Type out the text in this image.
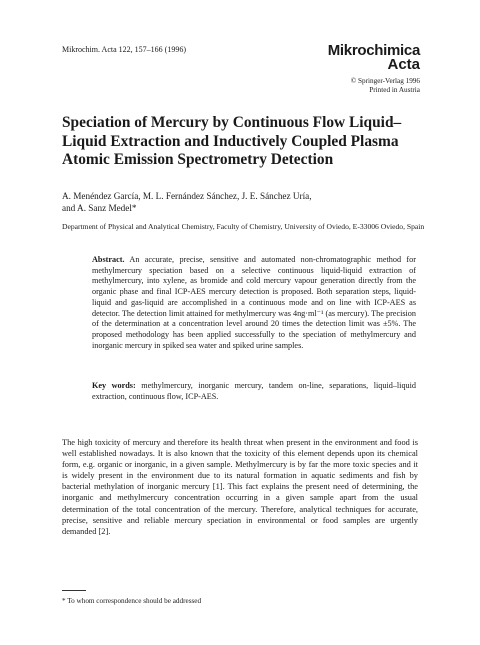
Mikrochim. Acta 122, 157–166 (1996)	Mikrochimica
Acta
© Springer-Verlag 1996
Printed in Austria
Speciation of Mercury by Continuous Flow Liquid–Liquid Extraction and Inductively Coupled Plasma Atomic Emission Spectrometry Detection
A. Menéndez García, M. L. Fernández Sánchez, J. E. Sánchez Uría,
and A. Sanz Medel*
Department of Physical and Analytical Chemistry, Faculty of Chemistry, University of Oviedo, E-33006 Oviedo, Spain

Abstract. An accurate, precise, sensitive and automated non-chromatographic method for methylmercury speciation based on a selective continuous liquid-liquid extraction of methylmercury, into xylene, as bromide and cold mercury vapour generation directly from the organic phase and final ICP-AES mercury detection is proposed. Both separation steps, liquid-liquid and gas-liquid are accomplished in a continuous mode and on line with ICP-AES as detector. The detection limit attained for methylmercury was 4ng·ml⁻¹ (as mercury). The precision of the determination at a concentration level around 20 times the detection limit was ±5%. The proposed methodology has been applied successfully to the speciation of methylmercury and inorganic mercury in spiked sea water and spiked urine samples.

Key words: methylmercury, inorganic mercury, tandem on-line, separations, liquid–liquid extraction, continuous flow, ICP-AES.

The high toxicity of mercury and therefore its health threat when present in the environment and food is well established nowadays. It is also known that the toxicity of this element depends upon its chemical form, e.g. organic or inorganic, in a given sample. Methylmercury is by far the more toxic species and it is widely present in the environment due to its natural formation in aquatic sediments and fish by bacterial methylation of inorganic mercury [1]. This fact explains the present need of determining, the inorganic and methylmercury concentration occurring in a given sample apart from the usual determination of the total concentration of the mercury. Therefore, analytical techniques for accurate, precise, sensitive and reliable mercury speciation in environmental or food samples are urgently demanded [2].

* To whom correspondence should be addressed
